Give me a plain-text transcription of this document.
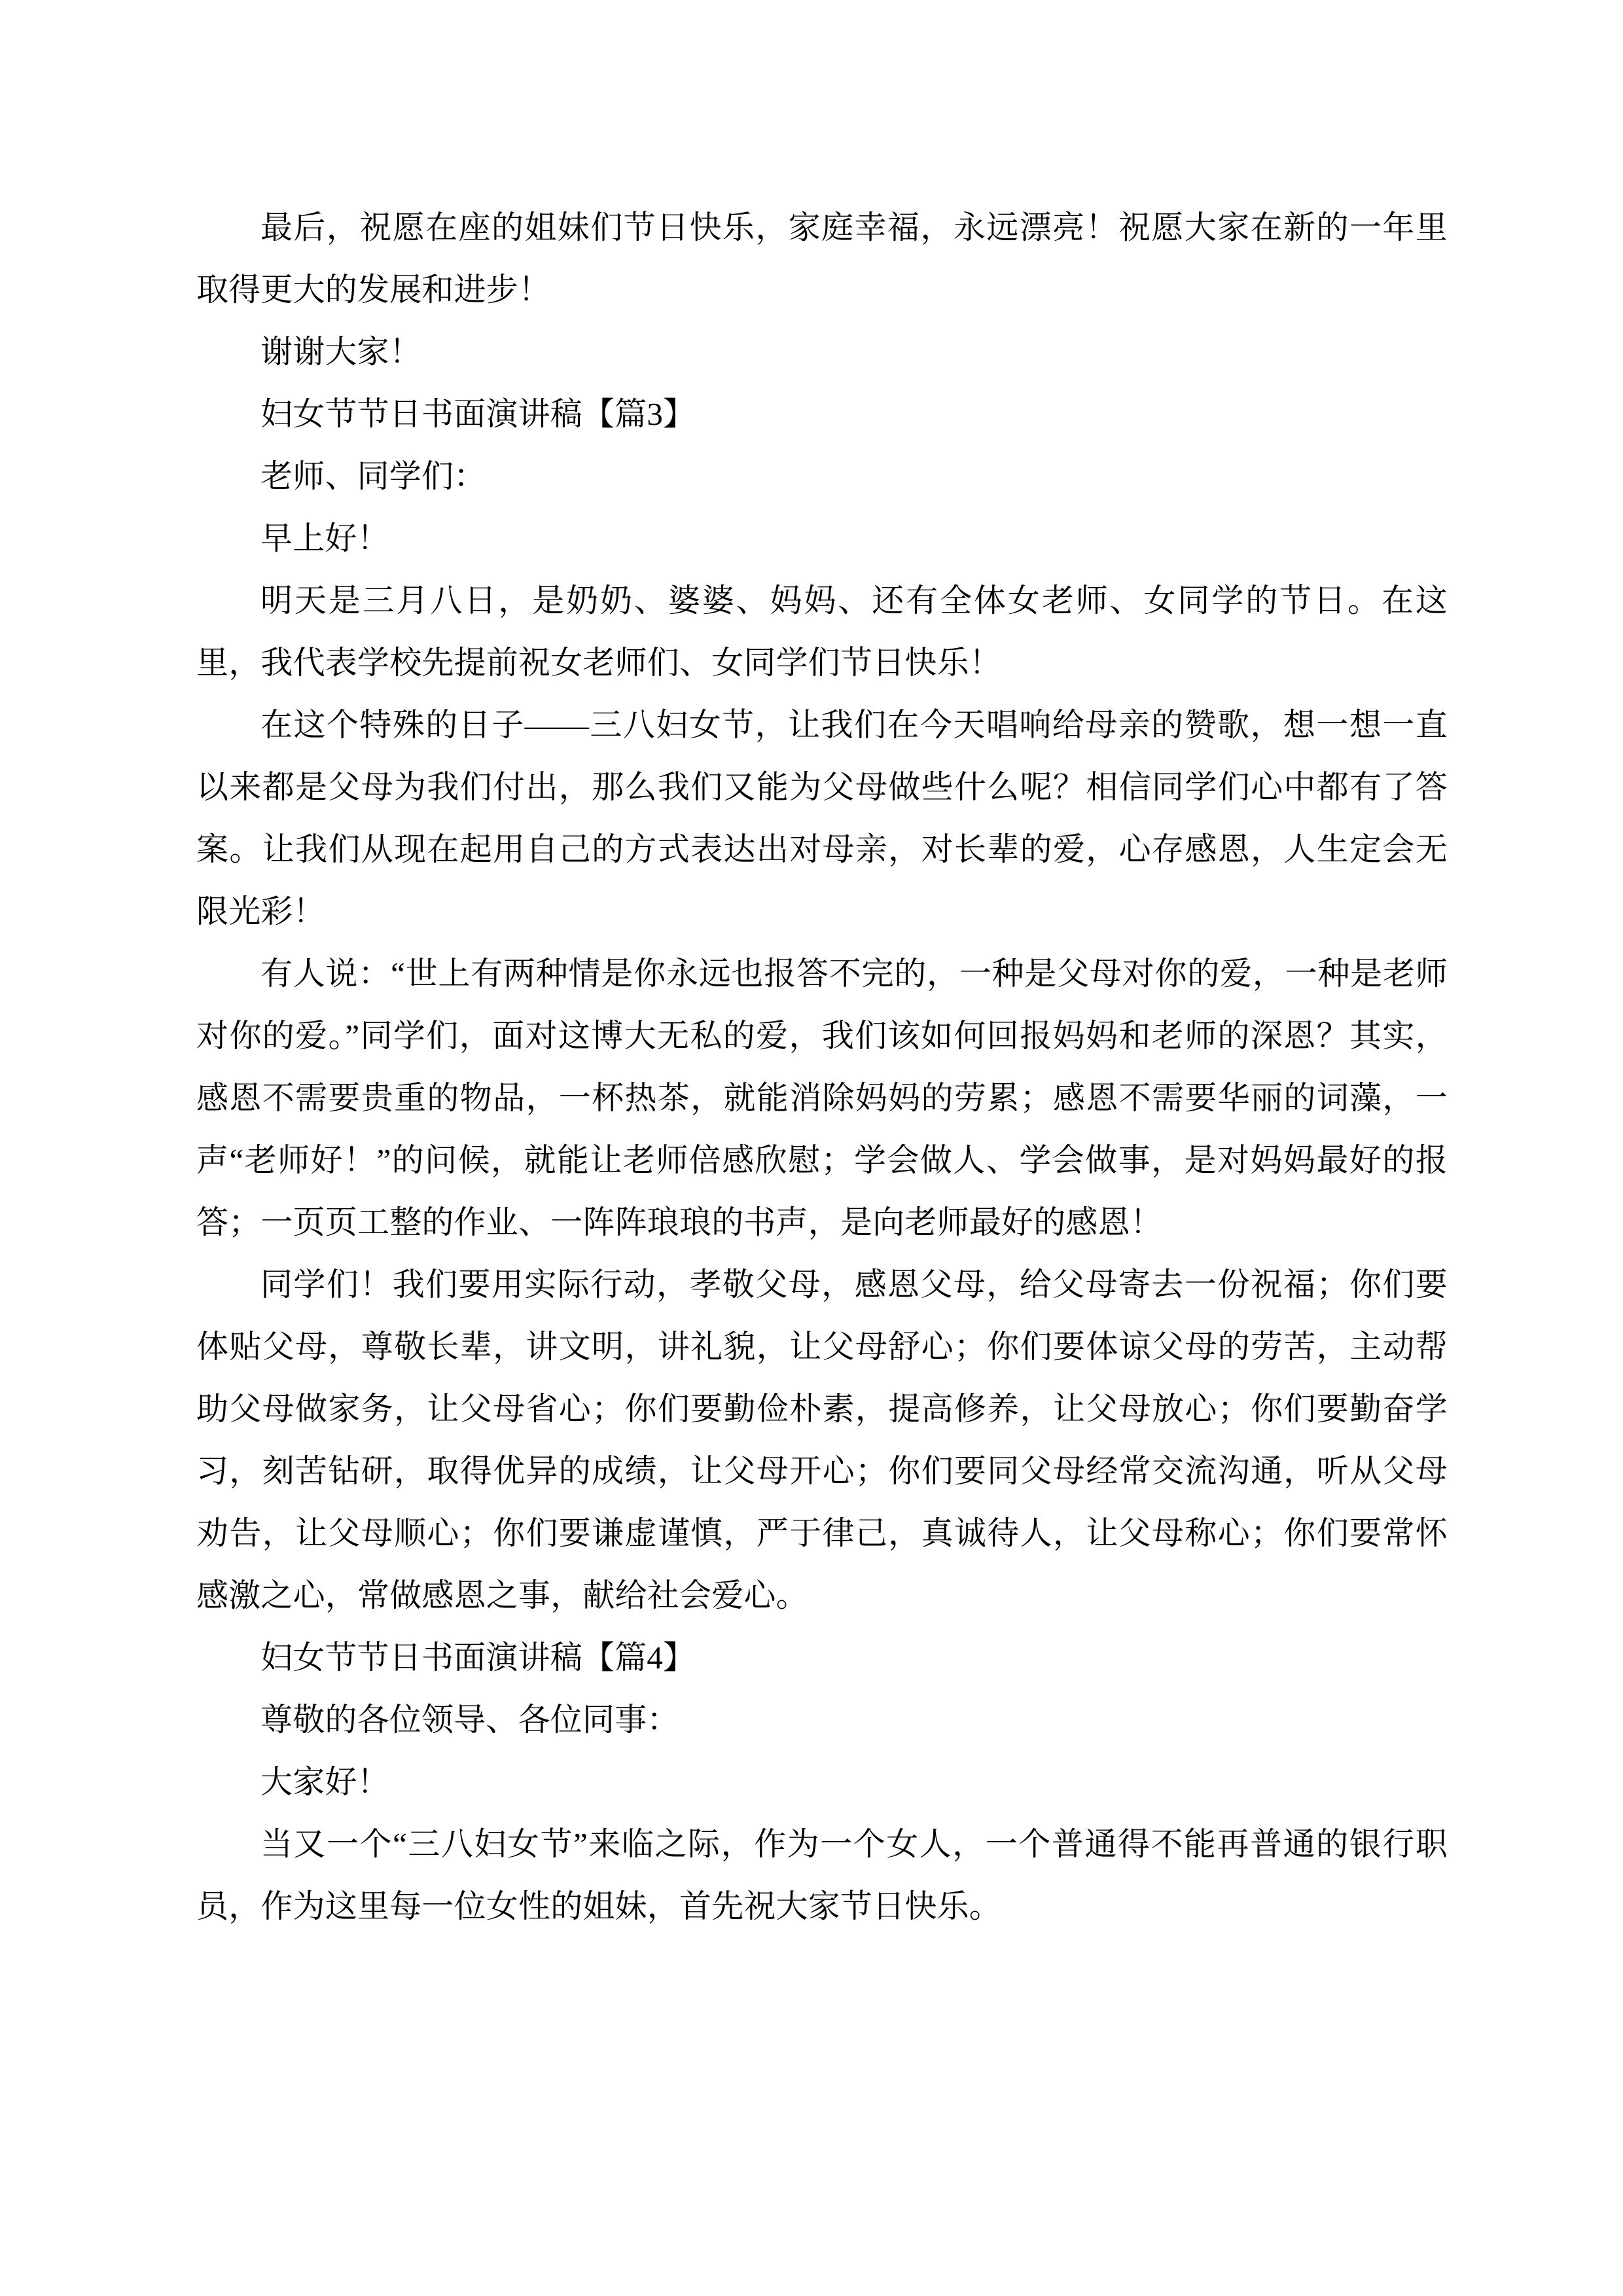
最后，祝愿在座的姐妹们节日快乐，家庭幸福，永远漂亮！祝愿大家在新的一年里取得更大的发展和进步！

谢谢大家！

妇女节节日书面演讲稿【篇3】

老师、同学们：

早上好！

明天是三月八日，是奶奶、婆婆、妈妈、还有全体女老师、女同学的节日。在这里，我代表学校先提前祝女老师们、女同学们节日快乐！

在这个特殊的日子——三八妇女节，让我们在今天唱响给母亲的赞歌，想一想一直以来都是父母为我们付出，那么我们又能为父母做些什么呢？相信同学们心中都有了答案。让我们从现在起用自己的方式表达出对母亲，对长辈的爱，心存感恩，人生定会无限光彩！

有人说：“世上有两种情是你永远也报答不完的，一种是父母对你的爱，一种是老师对你的爱。”同学们，面对这博大无私的爱，我们该如何回报妈妈和老师的深恩？其实，感恩不需要贵重的物品，一杯热茶，就能消除妈妈的劳累；感恩不需要华丽的词藻，一声“老师好！”的问候，就能让老师倍感欣慰；学会做人、学会做事，是对妈妈最好的报答；一页页工整的作业、一阵阵琅琅的书声，是向老师最好的感恩！

同学们！我们要用实际行动，孝敬父母，感恩父母，给父母寄去一份祝福；你们要体贴父母，尊敬长辈，讲文明，讲礼貌，让父母舒心；你们要体谅父母的劳苦，主动帮助父母做家务，让父母省心；你们要勤俭朴素，提高修养，让父母放心；你们要勤奋学习，刻苦钻研，取得优异的成绩，让父母开心；你们要同父母经常交流沟通，听从父母劝告，让父母顺心；你们要谦虚谨慎，严于律己，真诚待人，让父母称心；你们要常怀感激之心，常做感恩之事，献给社会爱心。

妇女节节日书面演讲稿【篇4】

尊敬的各位领导、各位同事：

大家好！

当又一个“三八妇女节”来临之际，作为一个女人，一个普通得不能再普通的银行职员，作为这里每一位女性的姐妹，首先祝大家节日快乐。
